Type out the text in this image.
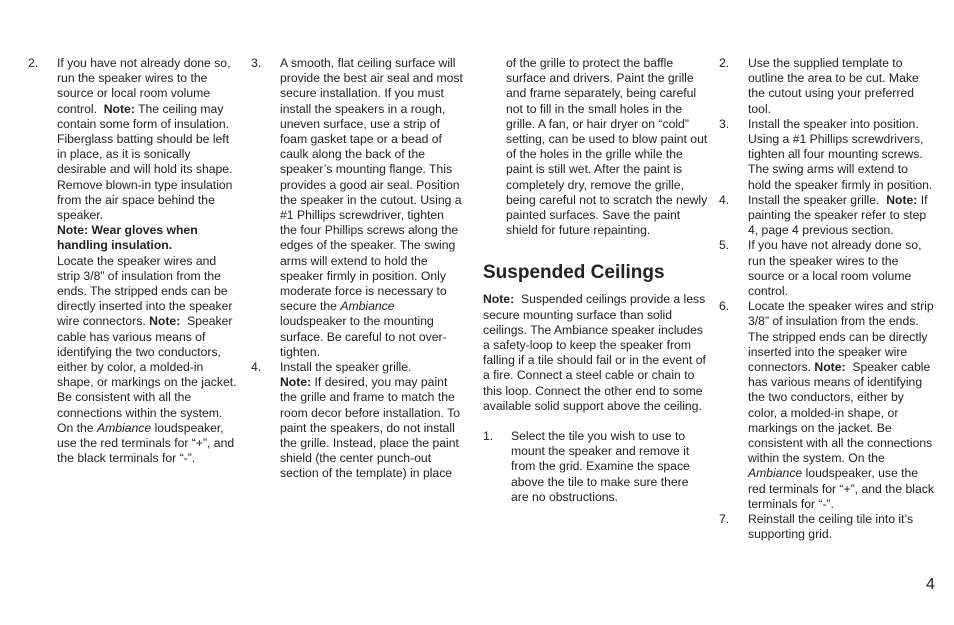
2. If you have not already done so, run the speaker wires to the source or local room volume control. Note: The ceiling may contain some form of insulation. Fiberglass batting should be left in place, as it is sonically desirable and will hold its shape. Remove blown-in type insulation from the air space behind the speaker.
Note: Wear gloves when handling insulation.

Locate the speaker wires and strip 3/8” of insulation from the ends. The stripped ends can be directly inserted into the speaker wire connectors. Note: Speaker cable has various means of identifying the two conductors, either by color, a molded-in shape, or markings on the jacket. Be consistent with all the connections within the system. On the Ambiance loudspeaker, use the red terminals for “+”, and the black terminals for “-”.

3. A smooth, flat ceiling surface will provide the best air seal and most secure installation. If you must install the speakers in a rough, uneven surface, use a strip of foam gasket tape or a bead of caulk along the back of the speaker’s mounting flange. This provides a good air seal. Position the speaker in the cutout. Using a #1 Phillips screwdriver, tighten the four Phillips screws along the edges of the speaker. The swing arms will extend to hold the speaker firmly in position. Only moderate force is necessary to secure the Ambiance loudspeaker to the mounting surface. Be careful to not over-tighten.

4. Install the speaker grille.
Note: If desired, you may paint the grille and frame to match the room decor before installation. To paint the speakers, do not install the grille. Instead, place the paint shield (the center punch-out section of the template) in place

of the grille to protect the baffle surface and drivers. Paint the grille and frame separately, being careful not to fill in the small holes in the grille. A fan, or hair dryer on “cold” setting, can be used to blow paint out of the holes in the grille while the paint is still wet. After the paint is completely dry, remove the grille, being careful not to scratch the newly painted surfaces. Save the paint shield for future repainting.

Suspended Ceilings

Note: Suspended ceilings provide a less secure mounting surface than solid ceilings. The Ambiance speaker includes a safety-loop to keep the speaker from falling if a tile should fail or in the event of a fire. Connect a steel cable or chain to this loop. Connect the other end to some available solid support above the ceiling.

1. Select the tile you wish to use to mount the speaker and remove it from the grid. Examine the space above the tile to make sure there are no obstructions.

2. Use the supplied template to outline the area to be cut. Make the cutout using your preferred tool.

3. Install the speaker into position. Using a #1 Phillips screwdrivers, tighten all four mounting screws. The swing arms will extend to hold the speaker firmly in position.

4. Install the speaker grille. Note: If painting the speaker refer to step 4, page 4 previous section.

5. If you have not already done so, run the speaker wires to the source or a local room volume control.

6. Locate the speaker wires and strip 3/8” of insulation from the ends. The stripped ends can be directly inserted into the speaker wire connectors. Note: Speaker cable has various means of identifying the two conductors, either by color, a molded-in shape, or markings on the jacket. Be consistent with all the connections within the system. On the Ambiance loudspeaker, use the red terminals for “+”, and the black terminals for “-”.

7. Reinstall the ceiling tile into it’s supporting grid.

4
